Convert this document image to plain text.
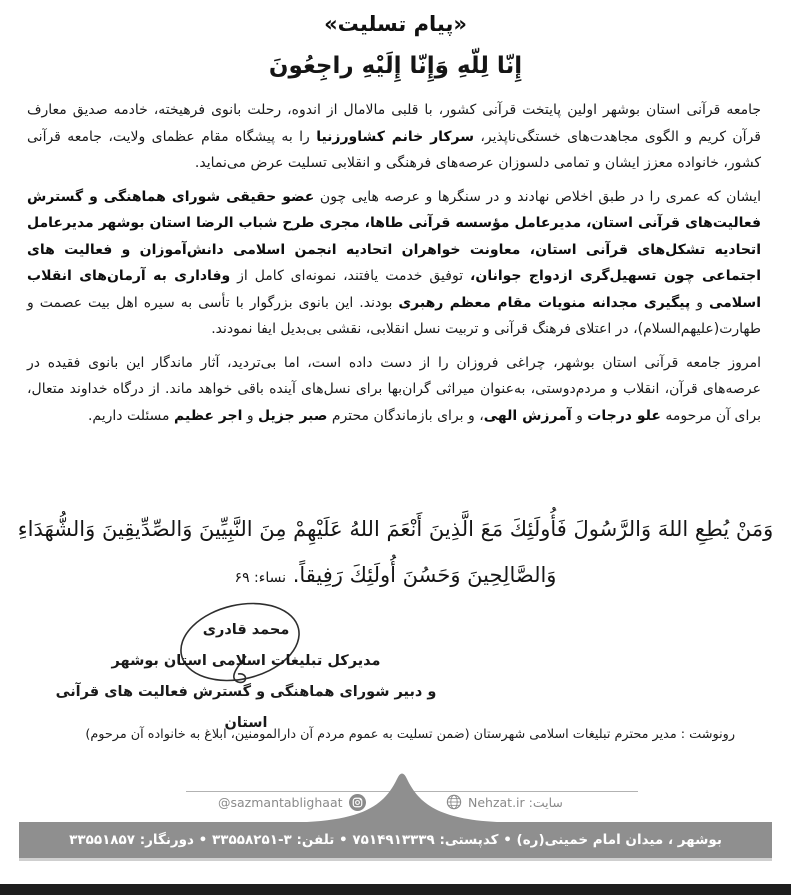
«پیام تسلیت»
إِنّا لِلّهِ وَإِنّا إِلَيْهِ راجِعُونَ

جامعه قرآنی استان بوشهر اولین پایتخت قرآنی کشور، با قلبی مالامال از اندوه، رحلت بانوی فرهیخته، خادمه صدیق معارف قرآن کریم و الگوی مجاهدت‌های خستگی‌ناپذیر، سرکار خانم کشاورزنیا را به پیشگاه مقام عظمای ولایت، جامعه قرآنی کشور، خانواده معزز ایشان و تمامی دلسوزان عرصه‌های فرهنگی و انقلابی تسلیت عرض می‌نماید.

ایشان که عمری را در طبق اخلاص نهادند و در سنگرها و عرصه هایی چون عضو حقیقی شورای هماهنگی و گسترش فعالیت‌های قرآنی استان، مدیرعامل مؤسسه قرآنی طاها، مجری طرح شباب الرضا استان بوشهر مدیرعامل اتحادیه تشکل‌های قرآنی استان، معاونت خواهران اتحادیه انجمن اسلامی دانش‌آموزان و فعالیت های اجتماعی چون تسهیل‌گری ازدواج جوانان، توفیق خدمت یافتند، نمونه‌ای کامل از وفاداری به آرمان‌های انقلاب اسلامی و پیگیری مجدانه منویات مقام معظم رهبری بودند. این بانوی بزرگوار با تأسی به سیره اهل بیت عصمت و طهارت(علیهم‌السلام)، در اعتلای فرهنگ قرآنی و تربیت نسل انقلابی، نقشی بی‌بدیل ایفا نمودند.

امروز جامعه قرآنی استان بوشهر، چراغی فروزان را از دست داده است، اما بی‌تردید، آثار ماندگار این بانوی فقیده در عرصه‌های قرآن، انقلاب و مردم‌دوستی، به‌عنوان میراثی گران‌بها برای نسل‌های آینده باقی خواهد ماند. از درگاه خداوند متعال، برای آن مرحومه علو درجات و آمرزش الهی، و برای بازماندگان محترم صبر جزیل و اجر عظیم مسئلت داریم.

وَمَنْ يُطِعِ اللهَ وَالرَّسُولَ فَأُولَئِكَ مَعَ الَّذِينَ أَنْعَمَ اللهُ عَلَيْهِمْ مِنَ النَّبِيِّينَ وَالصِّدِّيقِينَ وَالشُّهَدَاءِ
وَالصَّالِحِينَ وَحَسُنَ أُولَئِكَ رَفِيقاً. نساء: ۶۹
محمد قادری
مدیرکل تبلیغات اسلامی استان بوشهر
و دبیر شورای هماهنگی و گسترش فعالیت های قرآنی استان
رونوشت : مدیر محترم تبلیغات اسلامی شهرستان (ضمن تسلیت به عموم مردم آن دارالمومنین، ابلاغ به خانواده آن مرحوم)
@sazmantablighaat	سایت: Nehzat.ir
بوشهر ، میدان امام خمینی(ره) • کدپستی: ۷۵۱۴۹۱۳۳۳۹ • تلفن: ۳-۳۳۵۵۸۲۵۱ • دورنگار: ۳۳۵۵۱۸۵۷
